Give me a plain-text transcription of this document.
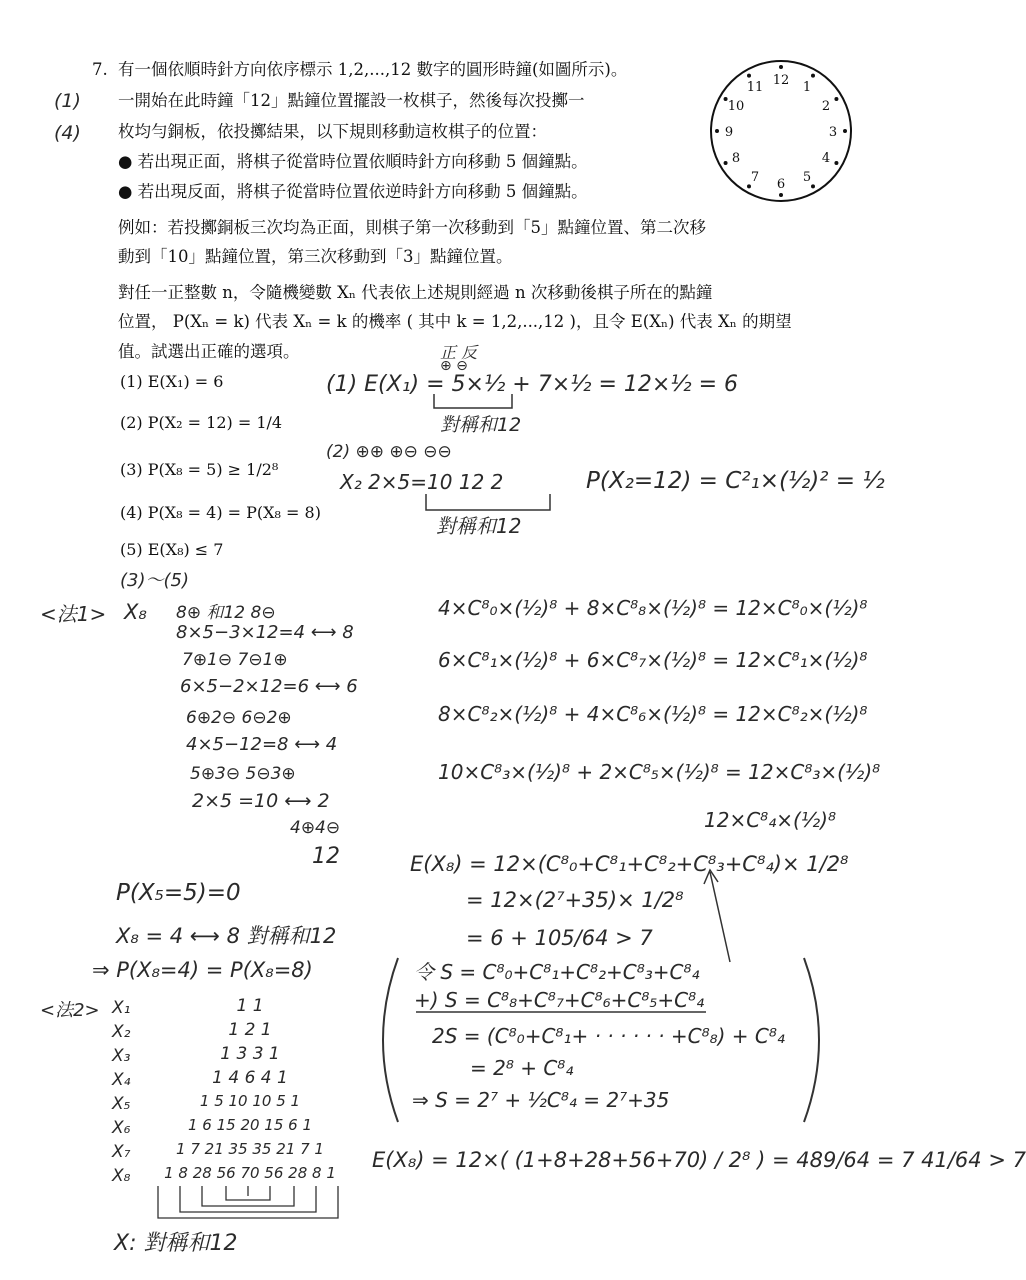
7.
(1)
(4)
有一個依順時針方向依序標示 1,2,...,12 數字的圓形時鐘(如圖所示)。
一開始在此時鐘「12」點鐘位置擺設一枚棋子，然後每次投擲一
枚均勻銅板，依投擲結果，以下規則移動這枚棋子的位置：
● 若出現正面，將棋子從當時位置依順時針方向移動 5 個鐘點。
● 若出現反面，將棋子從當時位置依逆時針方向移動 5 個鐘點。
例如：若投擲銅板三次均為正面，則棋子第一次移動到「5」點鐘位置、第二次移
動到「10」點鐘位置，第三次移動到「3」點鐘位置。
對任一正整數 n，令隨機變數 Xₙ 代表依上述規則經過 n 次移動後棋子所在的點鐘
位置， P(Xₙ = k) 代表 Xₙ = k 的機率 ( 其中 k = 1,2,...,12 )，且令 E(Xₙ) 代表 Xₙ 的期望
值。試選出正確的選項。
(1) E(X₁) = 6
(2) P(X₂ = 12) = 1/4
(3) P(X₈ = 5) ≥ 1/2⁸
(4) P(X₈ = 4) = P(X₈ = 8)
(5) E(X₈) ≤ 7
12 1
2
3
4
5
6
7
8
9
10
11
正 反
⊕ ⊖
(1) E(X₁) = 5×½ + 7×½ = 12×½ = 6
對稱和12
(2) ⊕⊕ ⊕⊖ ⊖⊖
X₂ 2×5=10 12 2	P(X₂=12) = C²₁×(½)² = ½
對稱和12
(3)～(5)
<法1> X₈ 8⊕ 和12 8⊖
8×5−3×12=4 ⟷ 8
7⊕1⊖ 7⊖1⊕
6×5−2×12=6 ⟷ 6
6⊕2⊖ 6⊖2⊕
4×5−12=8 ⟷ 4
5⊕3⊖ 5⊖3⊕
2×5 =10 ⟷ 2
4⊕4⊖
12
4×C⁸₀×(½)⁸ + 8×C⁸₈×(½)⁸ = 12×C⁸₀×(½)⁸
6×C⁸₁×(½)⁸ + 6×C⁸₇×(½)⁸ = 12×C⁸₁×(½)⁸
8×C⁸₂×(½)⁸ + 4×C⁸₆×(½)⁸ = 12×C⁸₂×(½)⁸
10×C⁸₃×(½)⁸ + 2×C⁸₅×(½)⁸ = 12×C⁸₃×(½)⁸
12×C⁸₄×(½)⁸
E(X₈) = 12×(C⁸₀+C⁸₁+C⁸₂+C⁸₃+C⁸₄)× 1/2⁸
= 12×(2⁷+35)× 1/2⁸
= 6 + 105/64 > 7
P(X₅=5)=0
X₈ = 4 ⟷ 8 對稱和12
⇒ P(X₈=4) = P(X₈=8)	令 S = C⁸₀+C⁸₁+C⁸₂+C⁸₃+C⁸₄
+) S = C⁸₈+C⁸₇+C⁸₆+C⁸₅+C⁸₄
2S = (C⁸₀+C⁸₁+ · · · · · · +C⁸₈) + C⁸₄
= 2⁸ + C⁸₄
⇒ S = 2⁷ + ½C⁸₄ = 2⁷+35
<法2> X₁
X₂
X₃
X₄
X₅
X₆
X₇
X₈
1 1
1 2 1
1 3 3 1
1 4 6 4 1
1 5 10 10 5 1
1 6 15 20 15 6 1
1 7 21 35 35 21 7 1
1 8 28 56 70 56 28 8 1
X: 對稱和12
E(X₈) = 12×( (1+8+28+56+70) / 2⁸ ) = 489/64 = 7 41/64 > 7
